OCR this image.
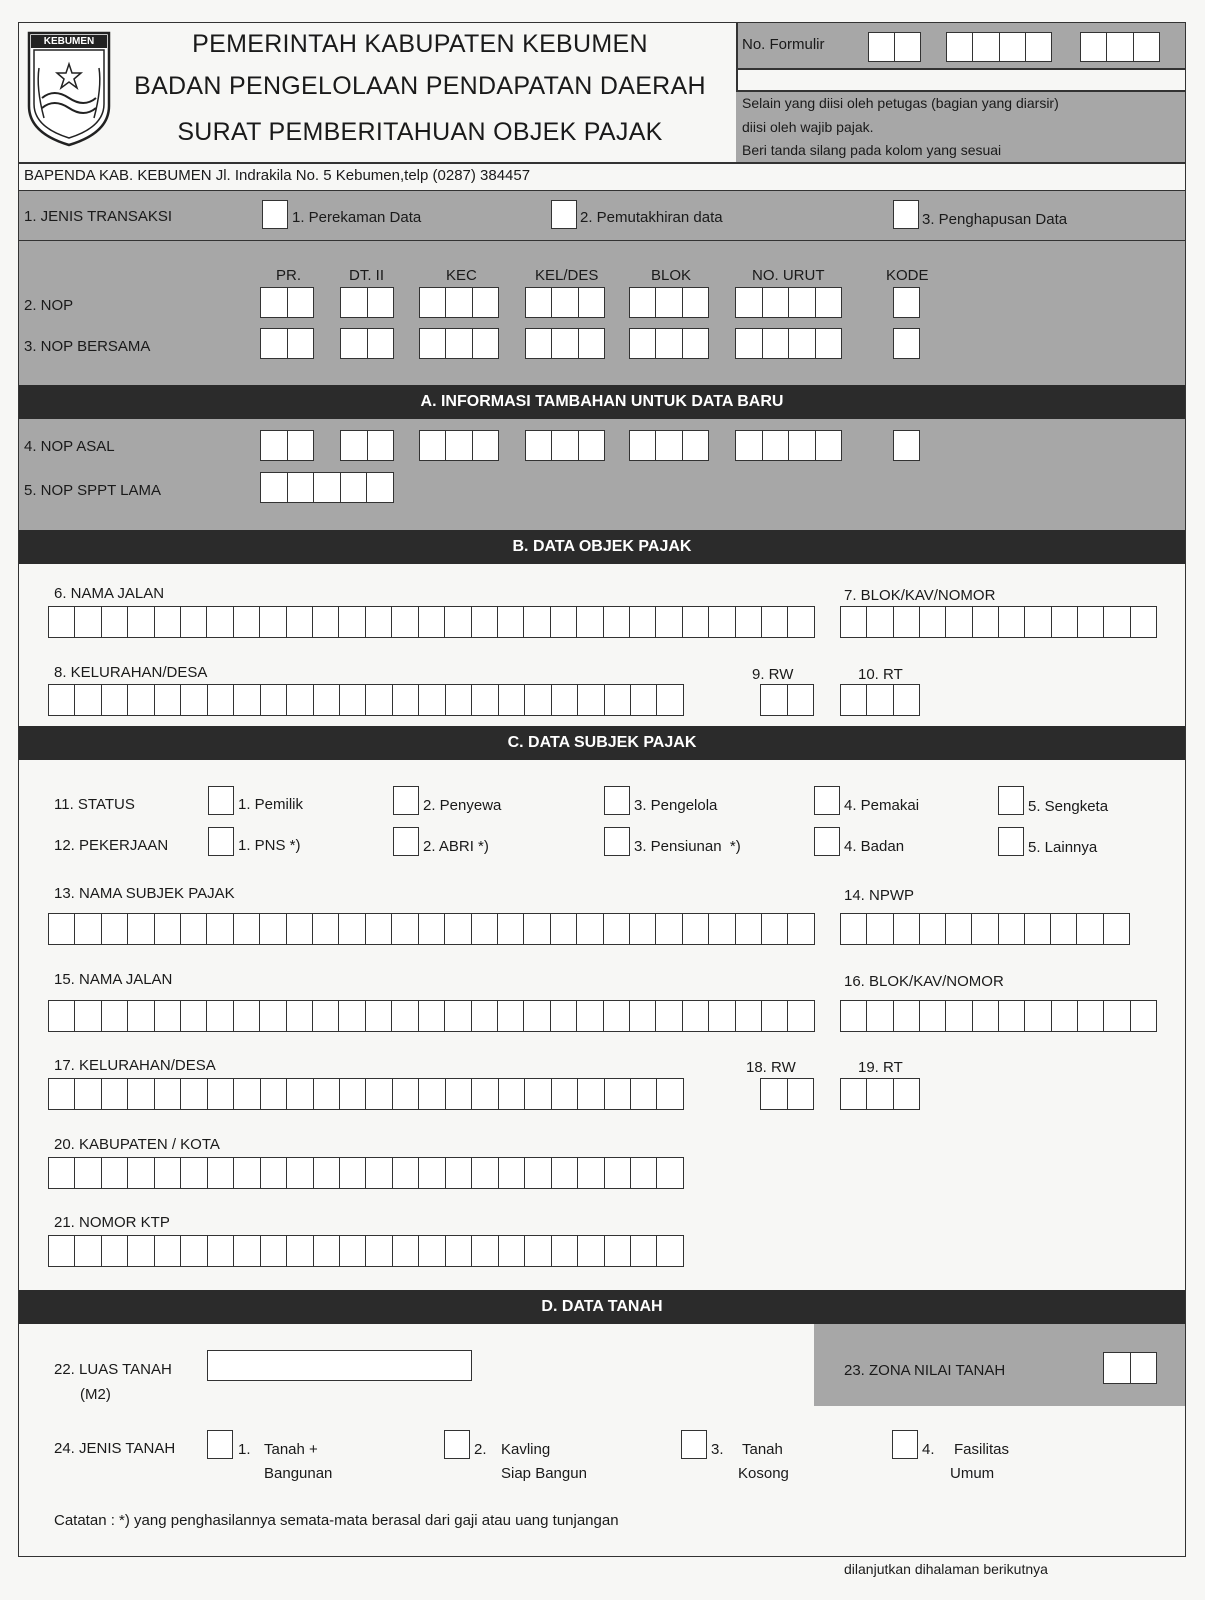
KEBUMEN	PEMERINTAH KABUPATEN KEBUMEN
BADAN PENGELOLAAN PENDAPATAN DAERAH
SURAT PEMBERITAHUAN OBJEK PAJAK
No. Formulir
Selain yang diisi oleh petugas (bagian yang diarsir)
diisi oleh wajib pajak.
Beri tanda silang pada kolom yang sesuai
BAPENDA KAB. KEBUMEN Jl. Indrakila No. 5 Kebumen,telp (0287) 384457
1. JENIS TRANSAKSI	1. Perekaman Data	2. Pemutakhiran data	3. Penghapusan Data
PR.	DT. II	KEC	KEL/DES	BLOK	NO. URUT	KODE
2. NOP
3. NOP BERSAMA
A. INFORMASI TAMBAHAN UNTUK DATA BARU
4. NOP ASAL
5. NOP SPPT LAMA
B. DATA OBJEK PAJAK
6. NAMA JALAN	7. BLOK/KAV/NOMOR
8. KELURAHAN/DESA	9. RW	10. RT
C. DATA SUBJEK PAJAK
11. STATUS	1. Pemilik	2. Penyewa	3. Pengelola	4. Pemakai	5. Sengketa
12. PEKERJAAN	1. PNS *)	2. ABRI *)	3. Pensiunan  *)	4. Badan	5. Lainnya
13. NAMA SUBJEK PAJAK	14. NPWP
15. NAMA JALAN	16. BLOK/KAV/NOMOR
17. KELURAHAN/DESA	18. RW	19. RT
20. KABUPATEN / KOTA
21. NOMOR KTP
D. DATA TANAH
22. LUAS TANAH
(M2)
23. ZONA NILAI TANAH
24. JENIS TANAH	1. Tanah +
Bangunan
2. Kavling
Siap Bangun
3. Tanah
Kosong
4. Fasilitas
Umum
Catatan : *) yang penghasilannya semata-mata berasal dari gaji atau uang tunjangan
dilanjutkan dihalaman berikutnya
